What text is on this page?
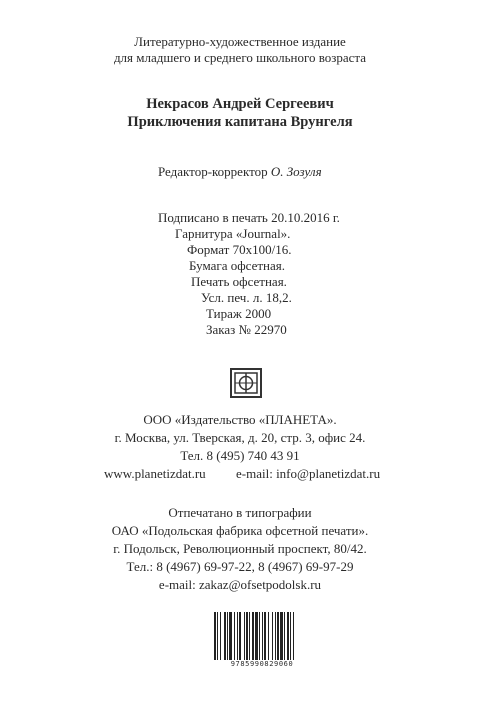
Литературно-художественное издание
для младшего и среднего школьного возраста
Некрасов Андрей Сергеевич
Приключения капитана Врунгеля
Редактор-корректор О. Зозуля
Подписано в печать 20.10.2016 г.
Гарнитура «Journal».
Формат 70x100/16.
Бумага офсетная.
Печать офсетная.
Усл. печ. л. 18,2.
Тираж 2000
Заказ № 22970
ООО «Издательство «ПЛАНЕТА».
г. Москва, ул. Тверская, д. 20, стр. 3, офис 24.
Тел. 8 (495) 740 43 91
www.planetizdat.ru e-mail: info@planetizdat.ru
Отпечатано в типографии
ОАО «Подольская фабрика офсетной печати».
г. Подольск, Революционный проспект, 80/42.
Тел.: 8 (4967) 69-97-22, 8 (4967) 69-97-29
e-mail: zakaz@ofsetpodolsk.ru
9785990829060
